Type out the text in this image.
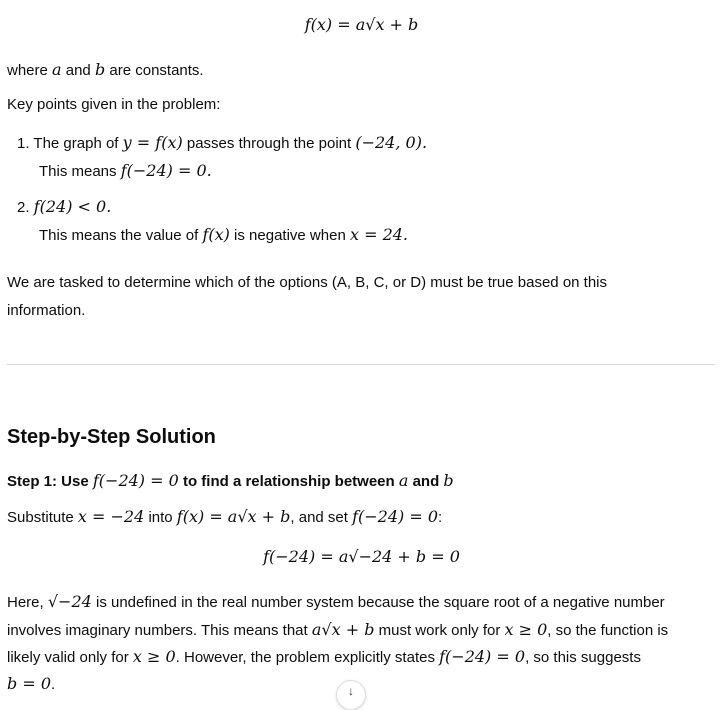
f(x) = a√x + b
where a and b are constants.
Key points given in the problem:
1. The graph of y = f(x) passes through the point (−24, 0).
This means f(−24) = 0.
2. f(24) < 0.
This means the value of f(x) is negative when x = 24.
We are tasked to determine which of the options (A, B, C, or D) must be true based on this
information.
Step-by-Step Solution
Step 1: Use f(−24) = 0 to find a relationship between a and b
Substitute x = −24 into f(x) = a√x + b, and set f(−24) = 0:
f(−24) = a√−24 + b = 0
Here, √−24 is undefined in the real number system because the square root of a negative number
involves imaginary numbers. This means that a√x + b must work only for x ≥ 0, so the function is
likely valid only for x ≥ 0. However, the problem explicitly states f(−24) = 0, so this suggests
b = 0.	↓
